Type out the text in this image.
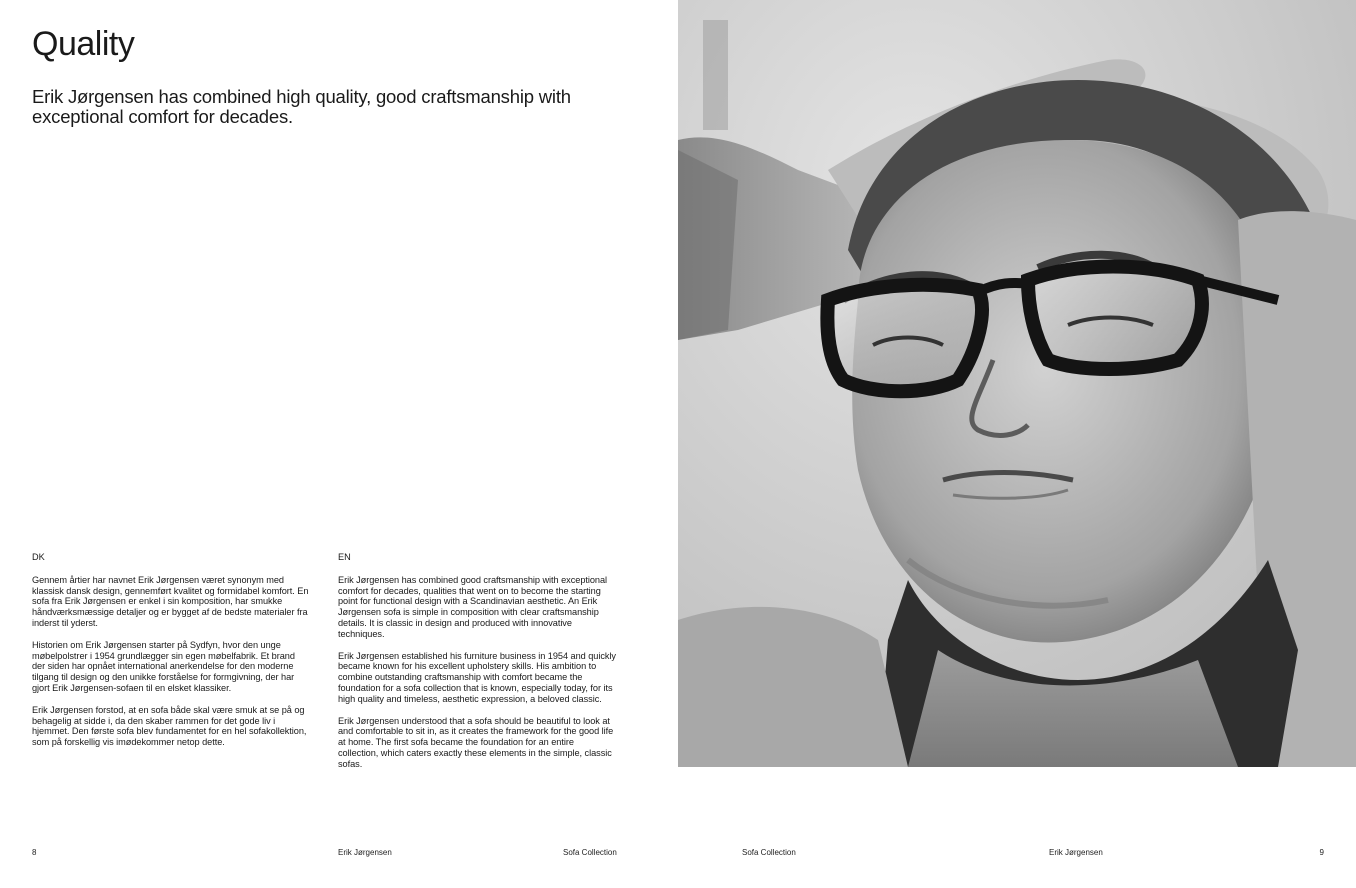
Quality

Erik Jørgensen has combined high quality, good craftsmanship with exceptional comfort for decades.

DK

Gennem årtier har navnet Erik Jørgensen været synonym med klassisk dansk design, gennemført kvalitet og formidabel komfort. En sofa fra Erik Jørgensen er enkel i sin komposition, har smukke håndværksmæssige detaljer og er bygget af de bedste materialer fra inderst til yderst.

Historien om Erik Jørgensen starter på Sydfyn, hvor den unge møbelpolstrer i 1954 grundlægger sin egen møbelfabrik. Et brand der siden har opnået international anerkendelse for den moderne tilgang til design og den unikke forståelse for formgivning, der har gjort Erik Jørgensen-sofaen til en elsket klassiker.

Erik Jørgensen forstod, at en sofa både skal være smuk at se på og behagelig at sidde i, da den skaber rammen for det gode liv i hjemmet. Den første sofa blev fundamentet for en hel sofakollektion, som på forskellig vis imødekommer netop dette.

EN

Erik Jørgensen has combined good craftsmanship with exceptional comfort for decades, qualities that went on to become the starting point for functional design with a Scandinavian aesthetic. An Erik Jørgensen sofa is simple in composition with clear craftsmanship details. It is classic in design and produced with innovative techniques.

Erik Jørgensen established his furniture business in 1954 and quickly became known for his excellent upholstery skills. His ambition to combine outstanding craftsmanship with comfort became the foundation for a sofa collection that is known, especially today, for its high quality and timeless, aesthetic expression, a beloved classic.

Erik Jørgensen understood that a sofa should be beautiful to look at and comfortable to sit in, as it creates the framework for the good life at home. The first sofa became the foundation for an entire collection, which caters exactly these elements in the simple, classic sofas.

8	Erik Jørgensen	Sofa Collection	Sofa Collection	Erik Jørgensen	9
